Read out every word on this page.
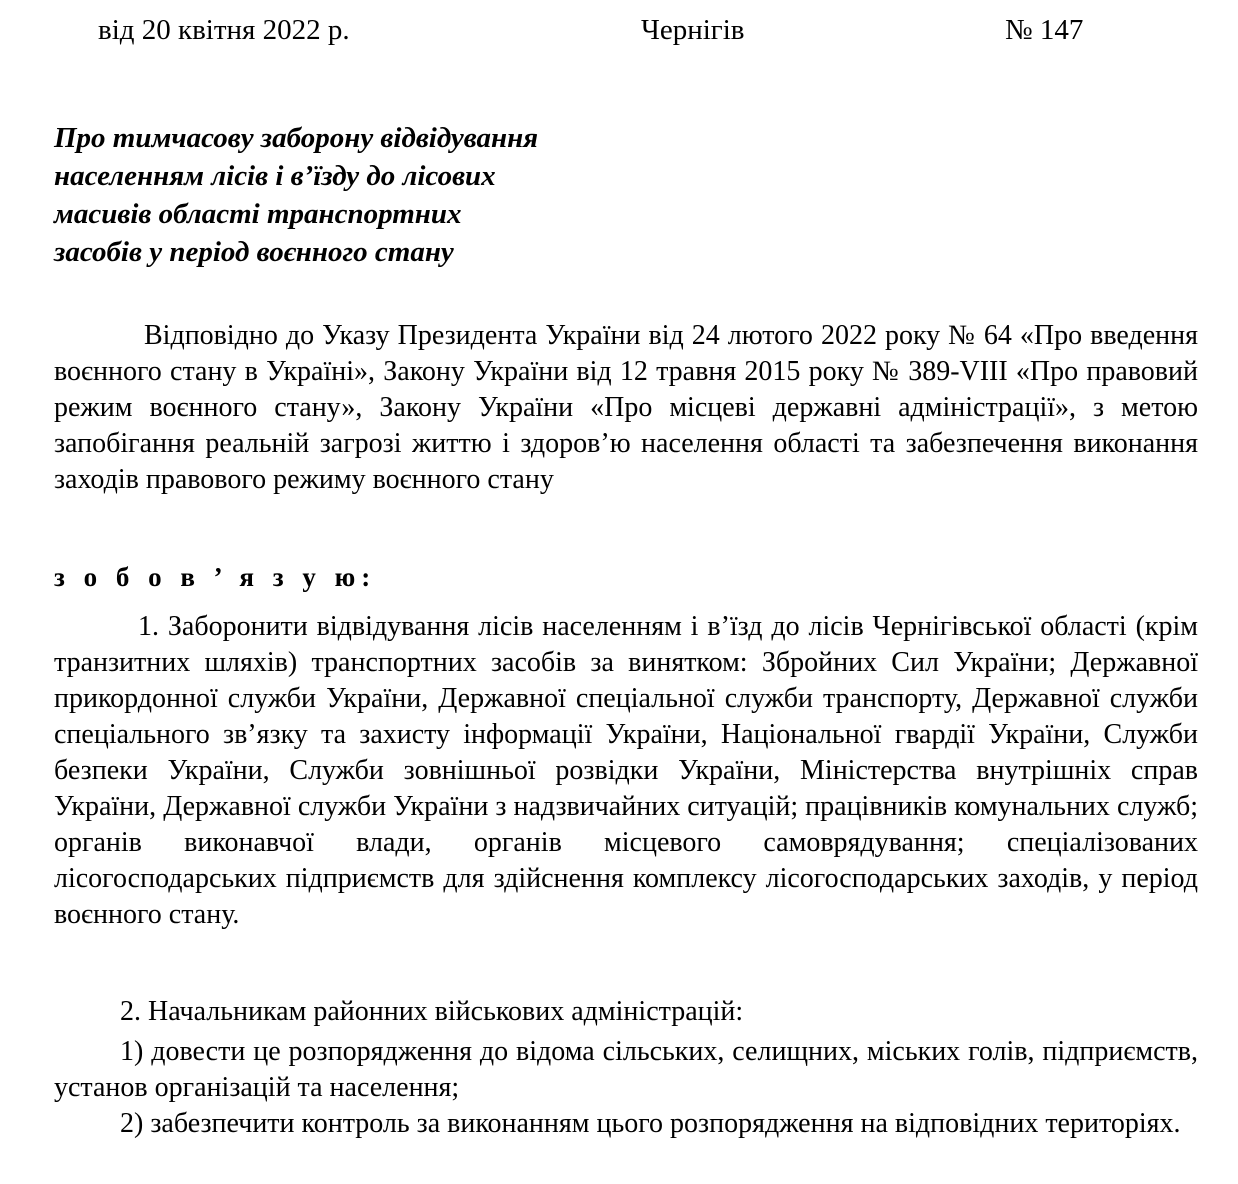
від 20 квітня 2022 р.	Чернігів	№ 147
Про тимчасову заборону відвідування
населенням лісів і в’їзду до лісових
масивів області транспортних
засобів у період воєнного стану
Відповідно до Указу Президента України від 24 лютого 2022 року № 64 «Про введення воєнного стану в Україні», Закону України від 12 травня 2015 року № 389-VIII «Про правовий режим воєнного стану», Закону України «Про місцеві державні адміністрації», з метою запобігання реальній загрозі життю і здоров’ю населення області та забезпечення виконання заходів правового режиму воєнного стану
з о б о в ’ я з у ю:
1. Заборонити відвідування лісів населенням і в’їзд до лісів Чернігівської області (крім транзитних шляхів) транспортних засобів за винятком: Збройних Сил України; Державної прикордонної служби України, Державної спеціальної служби транспорту, Державної служби спеціального зв’язку та захисту інформації України, Національної гвардії України, Служби безпеки України, Служби зовнішньої розвідки України, Міністерства внутрішніх справ України, Державної служби України з надзвичайних ситуацій; працівників комунальних служб; органів виконавчої влади, органів місцевого самоврядування; спеціалізованих лісогосподарських підприємств для здійснення комплексу лісогосподарських заходів, у період воєнного стану.
2. Начальникам районних військових адміністрацій:
1) довести це розпорядження до відома сільських, селищних, міських голів, підприємств, установ організацій та населення;
2) забезпечити контроль за виконанням цього розпорядження на відповідних територіях.
